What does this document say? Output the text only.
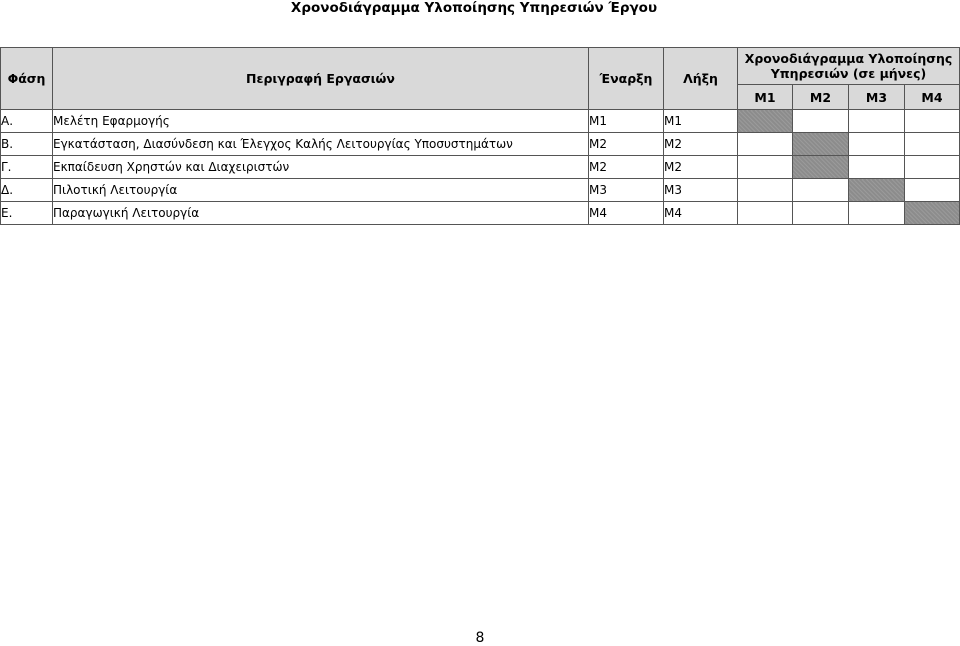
Χρονοδιάγραμμα Υλοποίησης Υπηρεσιών Έργου
Φάση	Περιγραφή Εργασιών	Έναρξη	Λήξη	Χρονοδιάγραμμα Υλοποίησης Υπηρεσιών (σε μήνες)			
				Μ1	Μ2	Μ3	Μ4
Α.	Μελέτη Εφαρμογής	Μ1	Μ1				
Β.	Εγκατάσταση, Διασύνδεση και Έλεγχος Καλής Λειτουργίας Υποσυστημάτων	Μ2	Μ2				
Γ.	Εκπαίδευση Χρηστών και Διαχειριστών	Μ2	Μ2				
Δ.	Πιλοτική Λειτουργία	Μ3	Μ3				
Ε.	Παραγωγική Λειτουργία	Μ4	Μ4				
8
